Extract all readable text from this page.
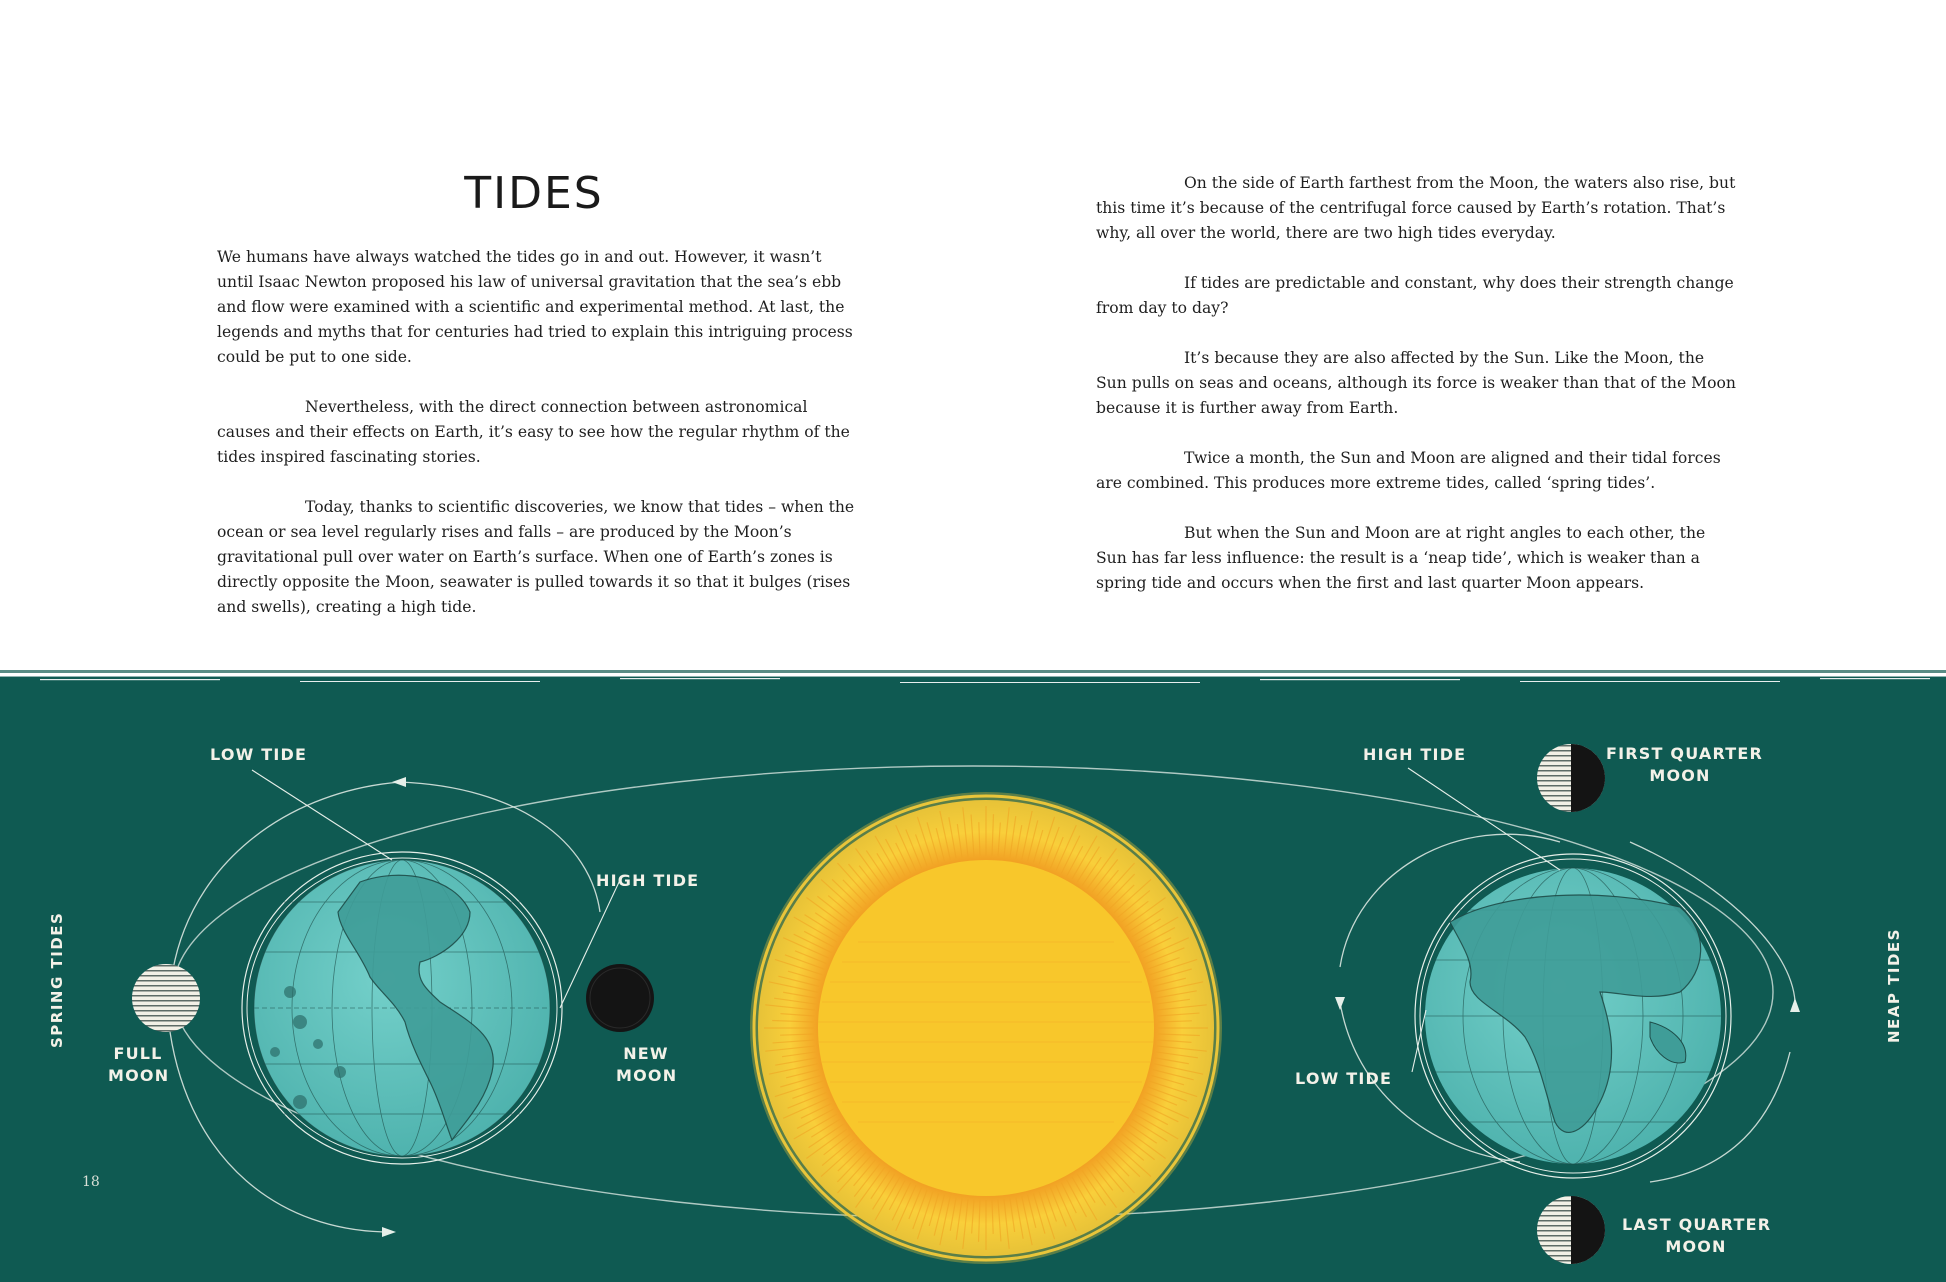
TIDES

We humans have always watched the tides go in and out. However, it wasn’t until Isaac Newton proposed his law of universal gravitation that the sea’s ebb and flow were examined with a scientific and experimental method. At last, the legends and myths that for centuries had tried to explain this intriguing process could be put to one side.

Nevertheless, with the direct connection between astronomical causes and their effects on Earth, it’s easy to see how the regular rhythm of the tides inspired fascinating stories.

Today, thanks to scientific discoveries, we know that tides – when the ocean or sea level regularly rises and falls – are produced by the Moon’s gravitational pull over water on Earth’s surface. When one of Earth’s zones is directly opposite the Moon, seawater is pulled towards it so that it bulges (rises and swells), creating a high tide.

On the side of Earth farthest from the Moon, the waters also rise, but this time it’s because of the centrifugal force caused by Earth’s rotation. That’s why, all over the world, there are two high tides everyday.

If tides are predictable and constant, why does their strength change from day to day?

It’s because they are also affected by the Sun. Like the Moon, the Sun pulls on seas and oceans, although its force is weaker than that of the Moon because it is further away from Earth.

Twice a month, the Sun and Moon are aligned and their tidal forces are combined. This produces more extreme tides, called ‘spring tides’.

But when the Sun and Moon are at right angles to each other, the Sun has far less influence: the result is a ‘neap tide’, which is weaker than a spring tide and occurs when the first and last quarter Moon appears.

LOW TIDE
HIGH TIDE
FULL
MOON
NEW
MOON
HIGH TIDE
LOW TIDE
FIRST QUARTER
MOON
LAST QUARTER
MOON
SPRING TIDES	NEAP TIDES
18
